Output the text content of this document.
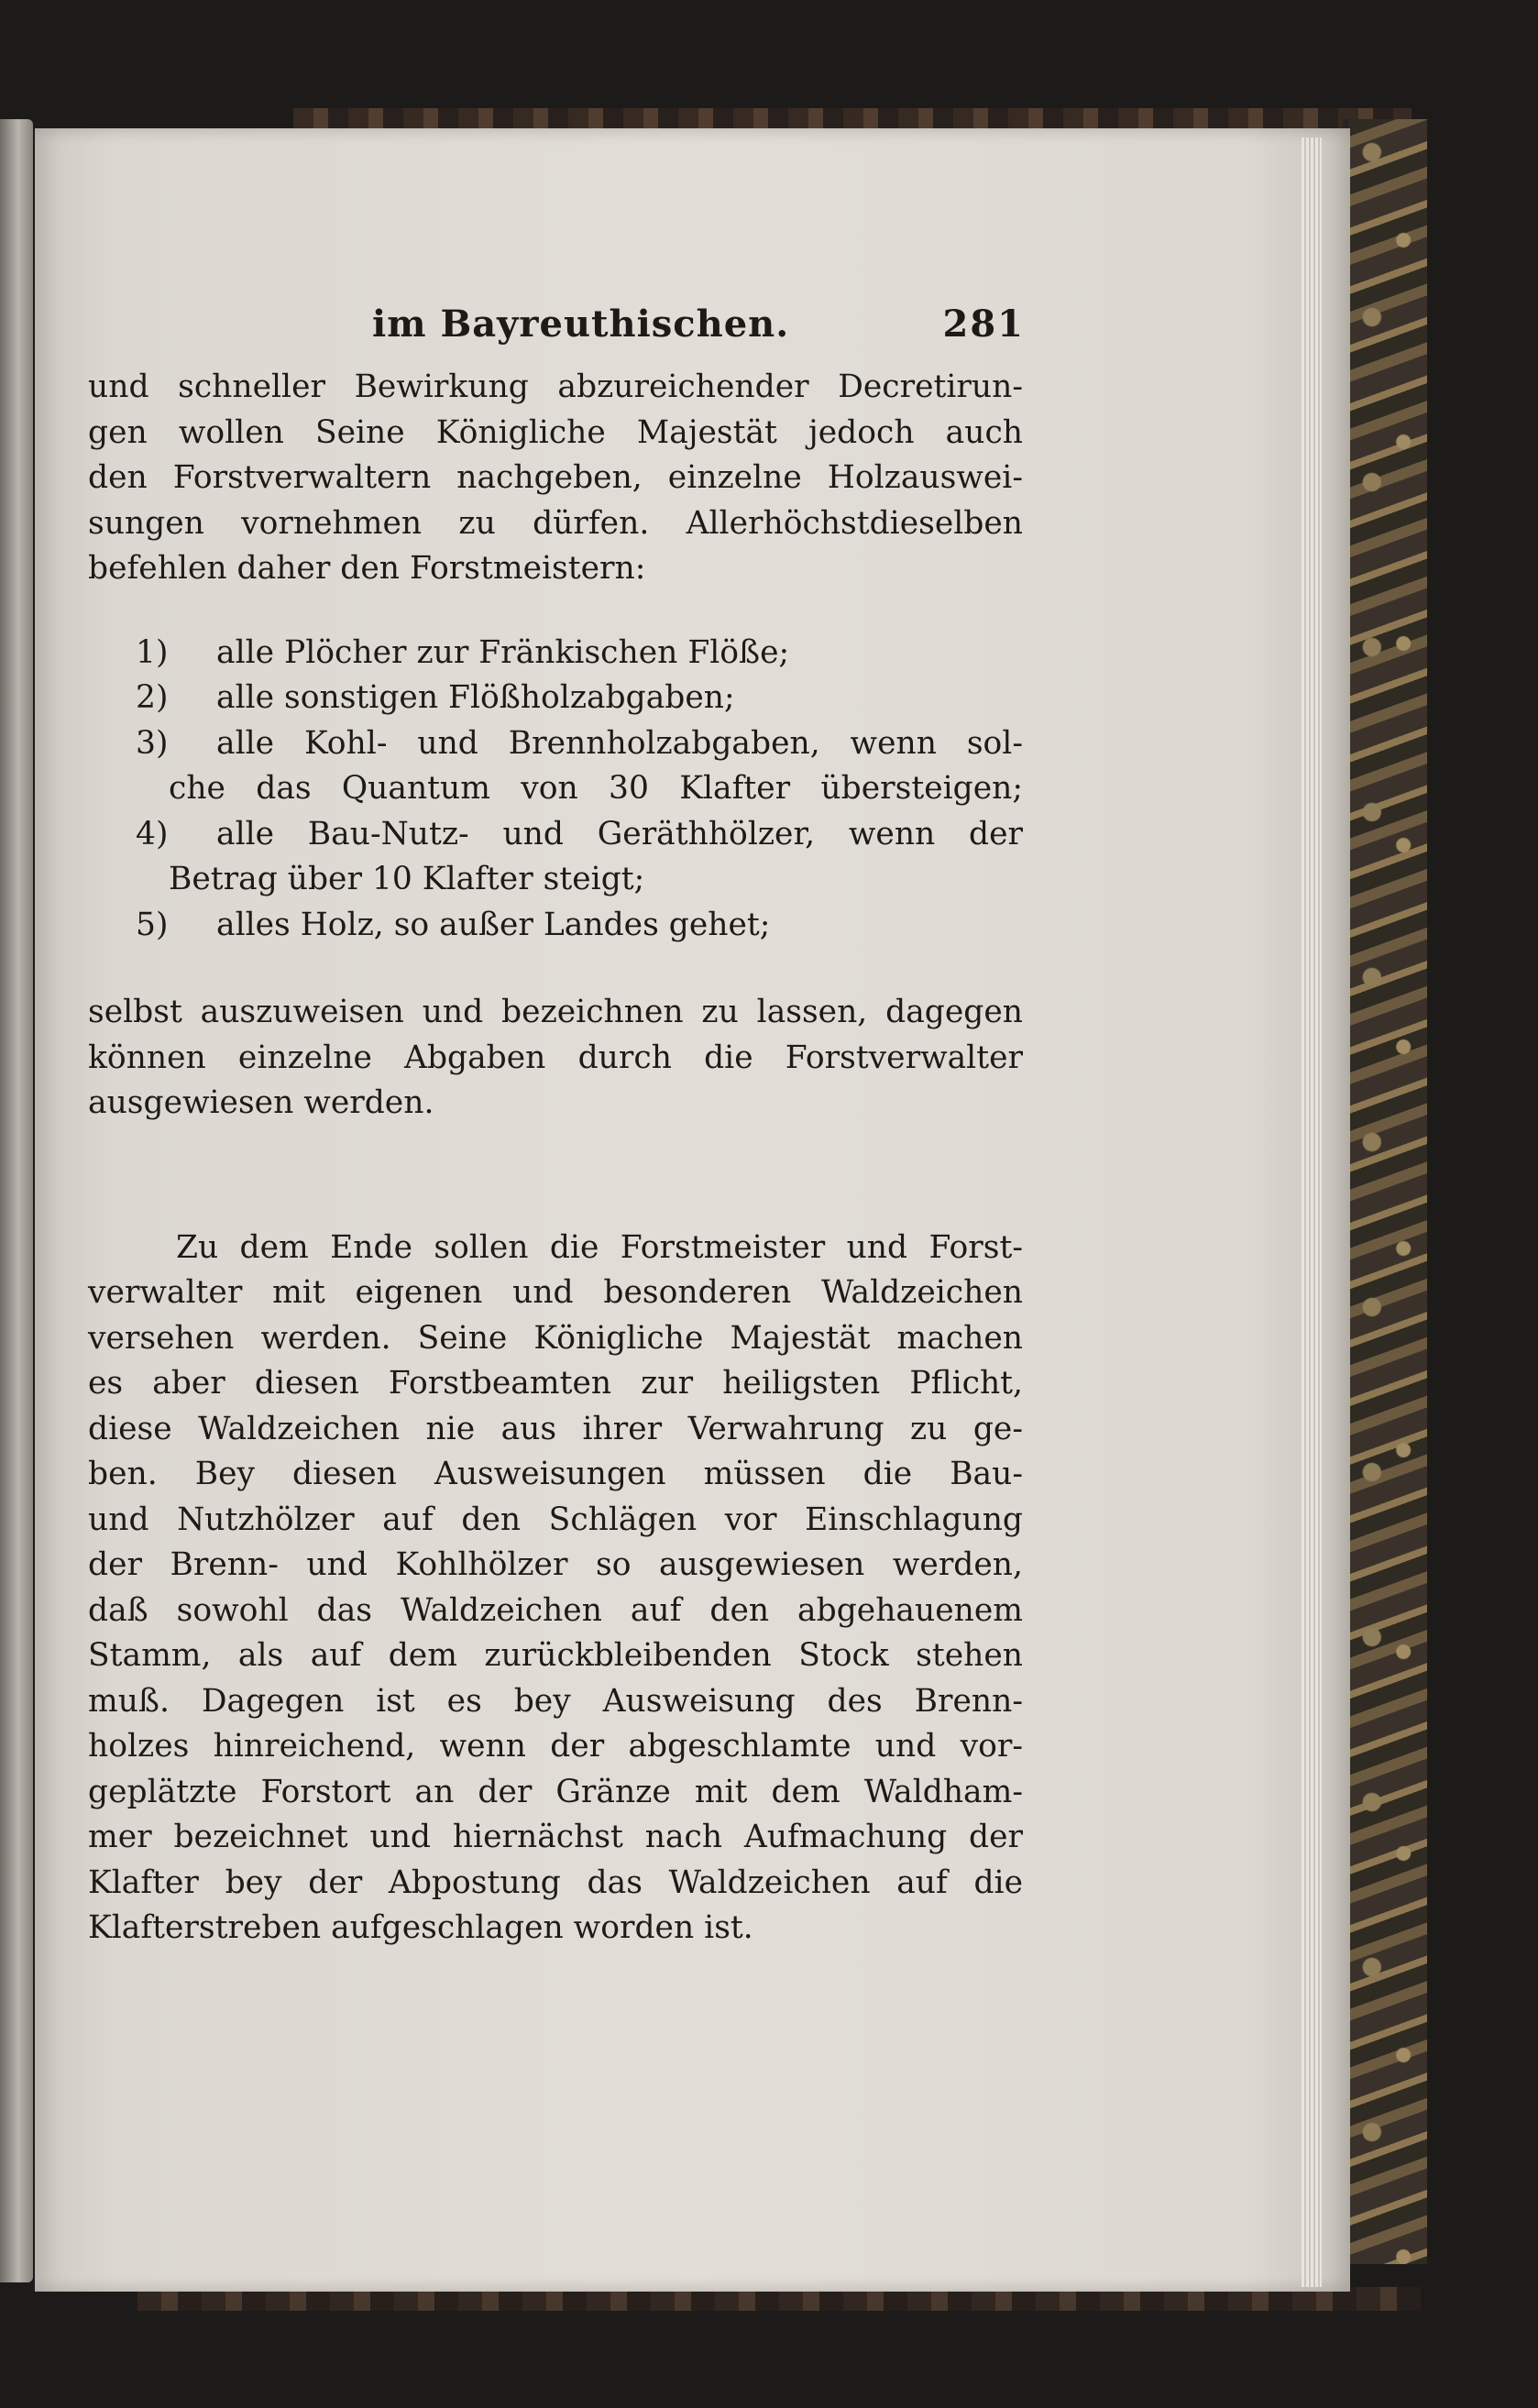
im Bayreuthischen.	281

und schneller Bewirkung abzureichender Decretirun-
gen wollen Seine Königliche Majestät jedoch auch
den Forstverwaltern nachgeben, einzelne Holzauswei-
sungen vornehmen zu dürfen. Allerhöchstdieselben
befehlen daher den Forstmeistern:

1)	alle Plöcher zur Fränkischen Flöße;
2)	alle sonstigen Flößholzabgaben;
3)	alle Kohl- und Brennholzabgaben, wenn sol-
che das Quantum von 30 Klafter übersteigen;
4)	alle Bau-Nutz- und Geräthhölzer, wenn der
Betrag über 10 Klafter steigt;
5)	alles Holz, so außer Landes gehet;

selbst auszuweisen und bezeichnen zu lassen, dagegen
können einzelne Abgaben durch die Forstverwalter
ausgewiesen werden.

Zu dem Ende sollen die Forstmeister und Forst-
verwalter mit eigenen und besonderen Waldzeichen
versehen werden. Seine Königliche Majestät machen
es aber diesen Forstbeamten zur heiligsten Pflicht,
diese Waldzeichen nie aus ihrer Verwahrung zu ge-
ben. Bey diesen Ausweisungen müssen die Bau-
und Nutzhölzer auf den Schlägen vor Einschlagung
der Brenn- und Kohlhölzer so ausgewiesen werden,
daß sowohl das Waldzeichen auf den abgehauenem
Stamm, als auf dem zurückbleibenden Stock stehen
muß. Dagegen ist es bey Ausweisung des Brenn-
holzes hinreichend, wenn der abgeschlamte und vor-
geplätzte Forstort an der Gränze mit dem Waldham-
mer bezeichnet und hiernächst nach Aufmachung der
Klafter bey der Abpostung das Waldzeichen auf die
Klafterstreben aufgeschlagen worden ist.
